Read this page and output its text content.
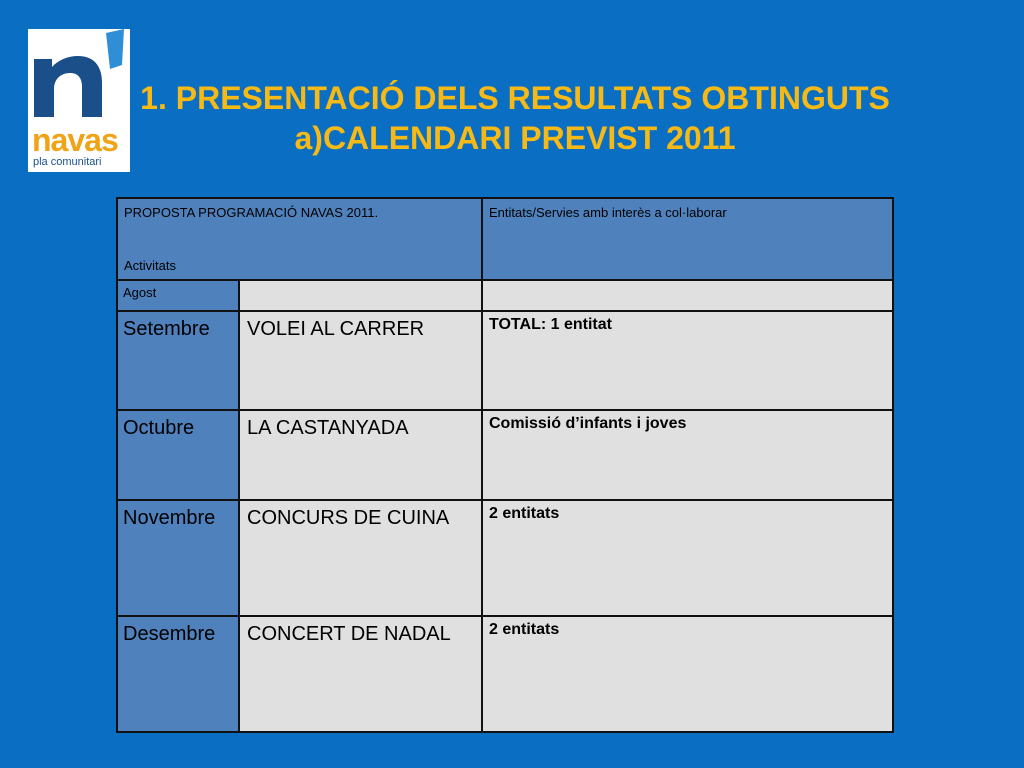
navas
pla comunitari
1. PRESENTACIÓ DELS RESULTATS OBTINGUTS
a)CALENDARI PREVIST 2011
PROPOSTA PROGRAMACIÓ NAVAS 2011.
Activitats		Entitats/Servies amb interès a col·laborar

Agost		
Setembre	VOLEI AL CARRER	TOTAL: 1 entitat
Octubre	LA CASTANYADA	Comissió d’infants i joves
Novembre	CONCURS DE CUINA	2 entitats
Desembre	CONCERT DE NADAL	2 entitats
